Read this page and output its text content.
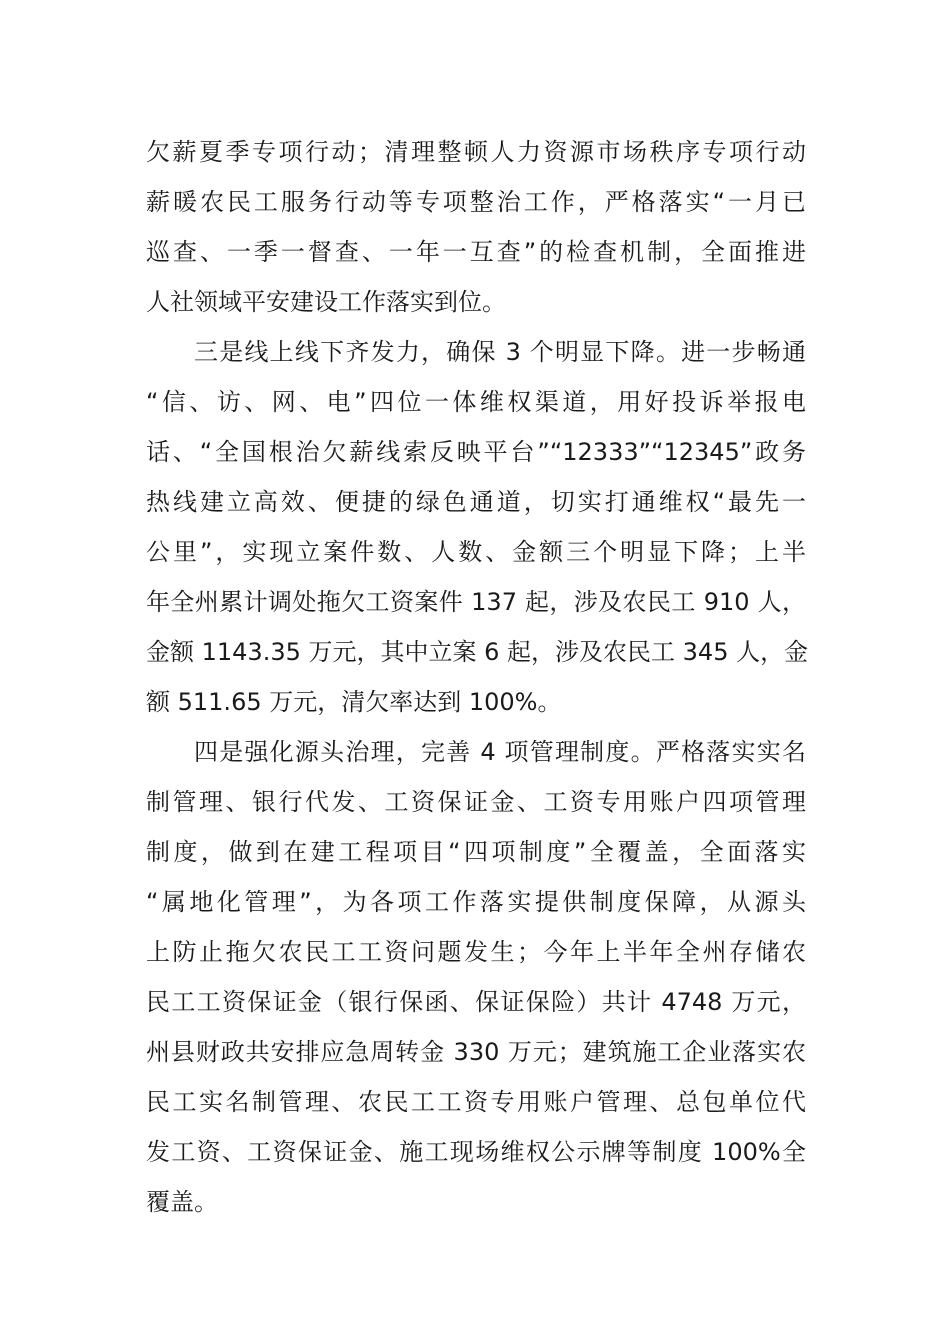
欠薪夏季专项行动；清理整顿人力资源市场秩序专项行动
薪暖农民工服务行动等专项整治工作，严格落实“一月已
巡查、一季一督查、一年一互查”的检查机制，全面推进
人社领域平安建设工作落实到位。

三是线上线下齐发力，确保 3 个明显下降。进一步畅通
“信、访、网、电”四位一体维权渠道，用好投诉举报电
话、“全国根治欠薪线索反映平台”“12333”“12345”政务
热线建立高效、便捷的绿色通道，切实打通维权“最先一
公里”，实现立案件数、人数、金额三个明显下降；上半
年全州累计调处拖欠工资案件 137 起，涉及农民工 910 人，
金额 1143.35 万元，其中立案 6 起，涉及农民工 345 人，金
额 511.65 万元，清欠率达到 100%。

四是强化源头治理，完善 4 项管理制度。严格落实实名
制管理、银行代发、工资保证金、工资专用账户四项管理
制度，做到在建工程项目“四项制度”全覆盖，全面落实
“属地化管理”，为各项工作落实提供制度保障，从源头
上防止拖欠农民工工资问题发生；今年上半年全州存储农
民工工资保证金（银行保函、保证保险）共计 4748 万元，
州县财政共安排应急周转金 330 万元；建筑施工企业落实农
民工实名制管理、农民工工资专用账户管理、总包单位代
发工资、工资保证金、施工现场维权公示牌等制度 100%全
覆盖。
